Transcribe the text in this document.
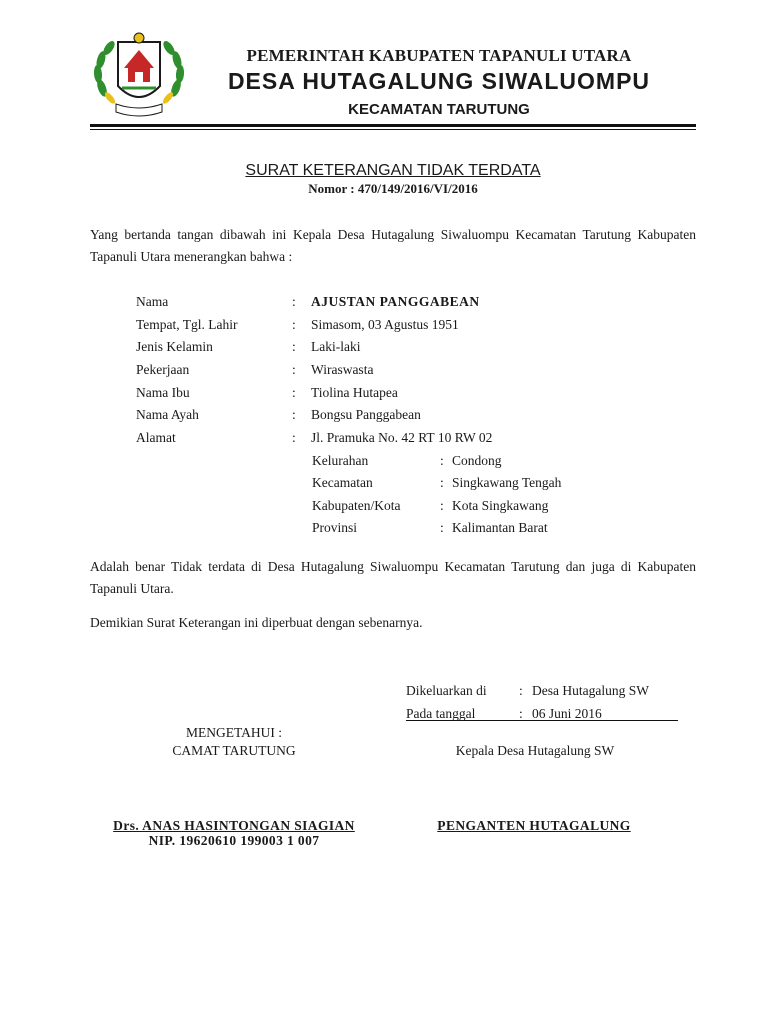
PEMERINTAH KABUPATEN TAPANULI UTARA
DESA HUTAGALUNG SIWALUOMPU
KECAMATAN TARUTUNG
SURAT KETERANGAN TIDAK TERDATA
Nomor : 470/149/2016/VI/2016
Yang bertanda tangan dibawah ini Kepala Desa Hutagalung Siwaluompu Kecamatan Tarutung Kabupaten Tapanuli Utara menerangkan bahwa :
Nama	: AJUSTAN PANGGABEAN
Tempat, Tgl. Lahir	: Simasom, 03 Agustus 1951
Jenis Kelamin	: Laki-laki
Pekerjaan	: Wiraswasta
Nama Ibu	: Tiolina Hutapea
Nama Ayah	: Bongsu Panggabean
Alamat	: Jl. Pramuka No. 42 RT 10 RW 02
Kelurahan	: Condong
Kecamatan	: Singkawang Tengah
Kabupaten/Kota	: Kota Singkawang
Provinsi	: Kalimantan Barat
Adalah benar Tidak terdata di Desa Hutagalung Siwaluompu Kecamatan Tarutung dan juga di Kabupaten Tapanuli Utara.
Demikian Surat Keterangan ini diperbuat dengan sebenarnya.
Dikeluarkan di : Desa Hutagalung SW
Pada tanggal	: 06 Juni 2016
MENGETAHUI :
CAMAT TARUTUNG	Kepala Desa Hutagalung SW
Drs. ANAS HASINTONGAN SIAGIAN
NIP. 19620610 199003 1 007
PENGANTEN HUTAGALUNG
